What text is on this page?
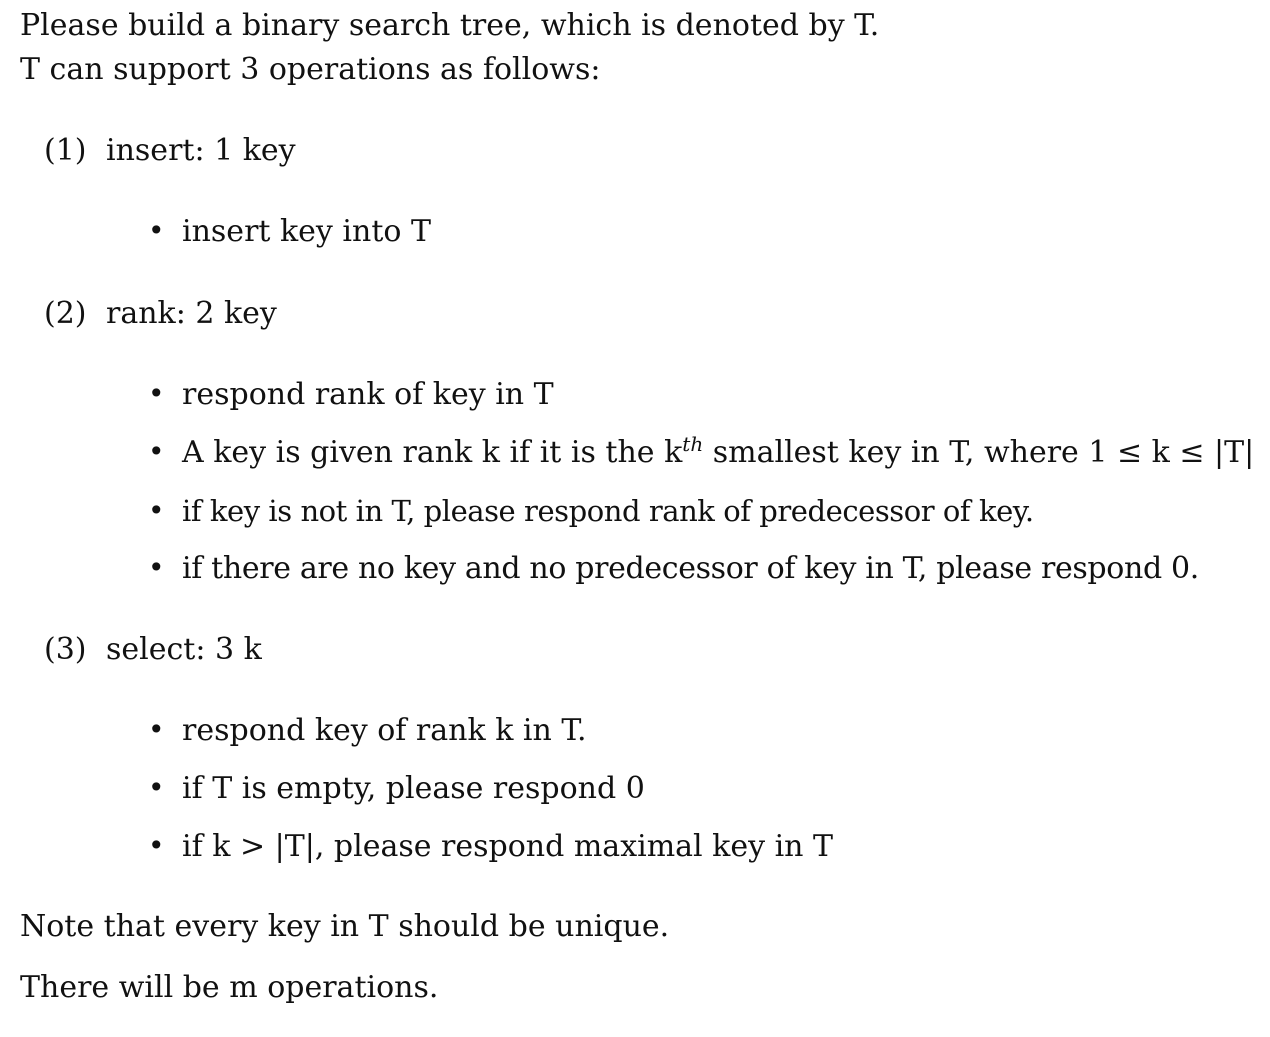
Please build a binary search tree, which is denoted by T.
T can support 3 operations as follows:
(1) insert: 1 key
• insert key into T
(2) rank: 2 key
• respond rank of key in T
• A key is given rank k if it is the $k^{th}$ smallest key in T, where 1 ≤ k ≤ |T|
• if key is not in T, please respond rank of predecessor of key.
• if there are no key and no predecessor of key in T, please respond 0.
(3) select: 3 k
• respond key of rank k in T.
• if T is empty, please respond 0
• if k > |T|, please respond maximal key in T
Note that every key in T should be unique.
There will be m operations.
